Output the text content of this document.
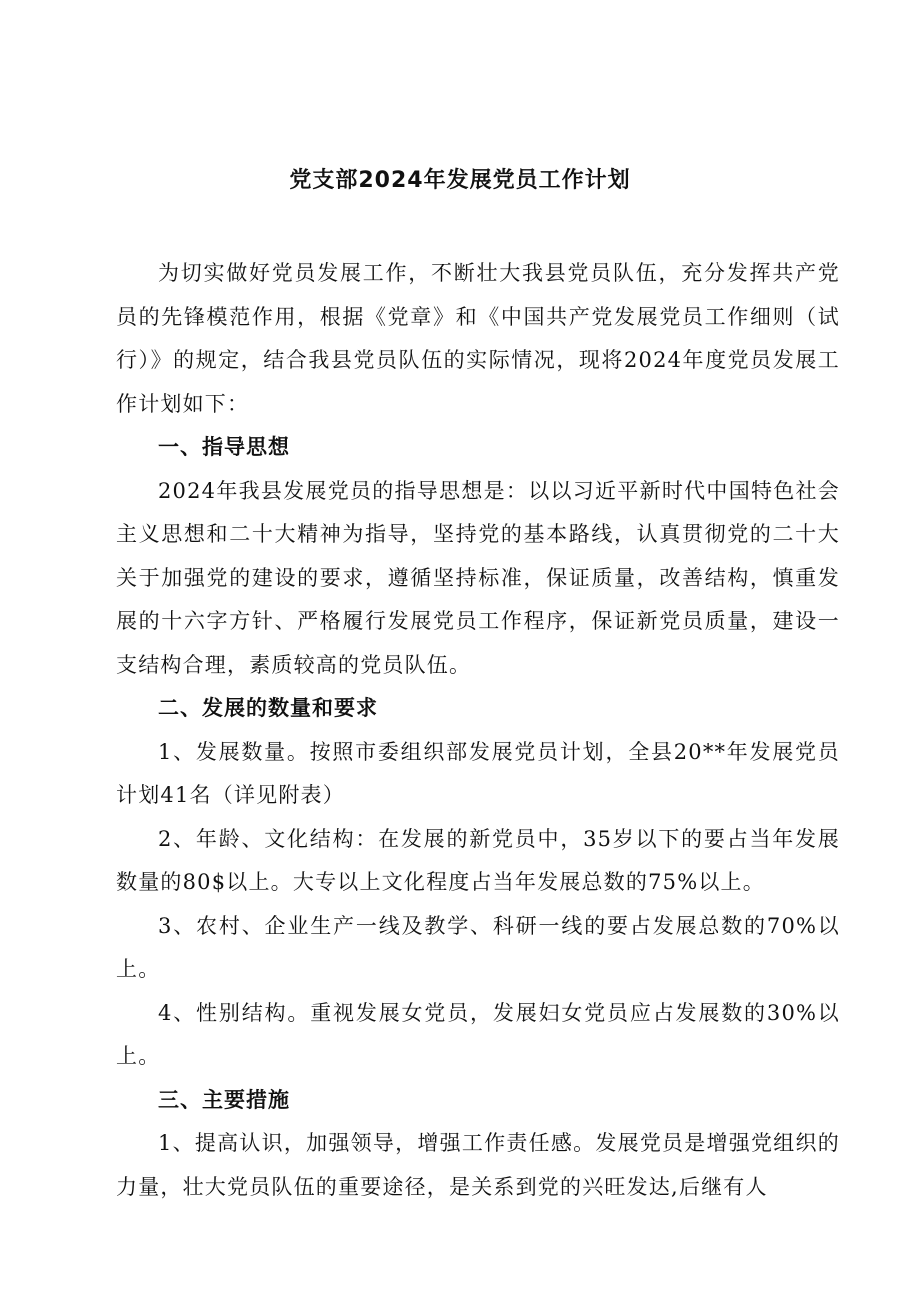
党支部2024年发展党员工作计划

为切实做好党员发展工作，不断壮大我县党员队伍，充分发挥共产党员的先锋模范作用，根据《党章》和《中国共产党发展党员工作细则（试行）》的规定，结合我县党员队伍的实际情况，现将2024年度党员发展工作计划如下：

一、指导思想

2024年我县发展党员的指导思想是：以以习近平新时代中国特色社会主义思想和二十大精神为指导，坚持党的基本路线，认真贯彻党的二十大关于加强党的建设的要求，遵循坚持标准，保证质量，改善结构，慎重发展的十六字方针、严格履行发展党员工作程序，保证新党员质量，建设一支结构合理，素质较高的党员队伍。

二、发展的数量和要求

1、发展数量。按照市委组织部发展党员计划，全县20**年发展党员计划41名（详见附表）

2、年龄、文化结构：在发展的新党员中，35岁以下的要占当年发展数量的80$以上。大专以上文化程度占当年发展总数的75%以上。

3、农村、企业生产一线及教学、科研一线的要占发展总数的70%以上。

4、性别结构。重视发展女党员，发展妇女党员应占发展数的30%以上。

三、主要措施

1、提高认识，加强领导，增强工作责任感。发展党员是增强党组织的力量，壮大党员队伍的重要途径，是关系到党的兴旺发达,后继有人
